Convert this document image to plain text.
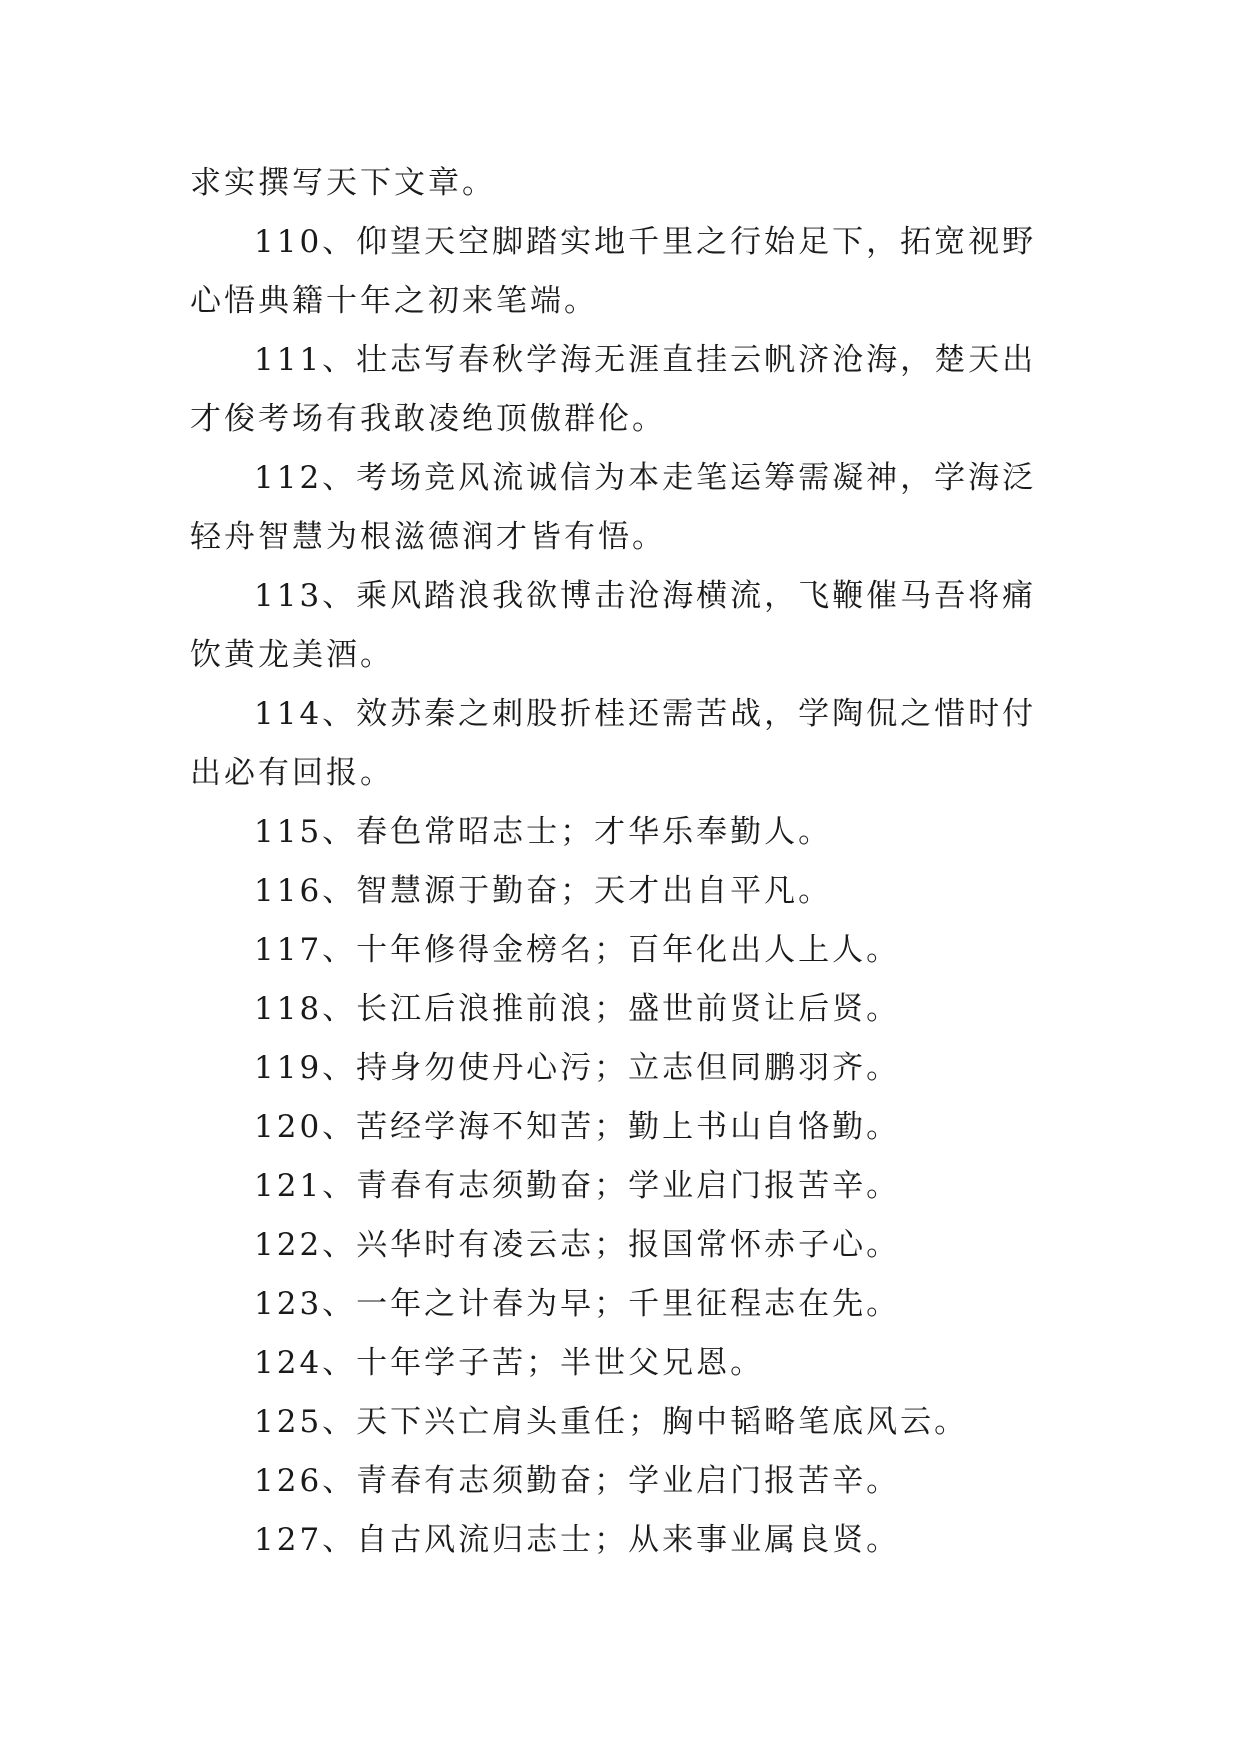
求实撰写天下文章。

110、仰望天空脚踏实地千里之行始足下，拓宽视野心悟典籍十年之初来笔端。

111、壮志写春秋学海无涯直挂云帆济沧海，楚天出才俊考场有我敢凌绝顶傲群伦。

112、考场竞风流诚信为本走笔运筹需凝神，学海泛轻舟智慧为根滋德润才皆有悟。

113、乘风踏浪我欲博击沧海横流，飞鞭催马吾将痛饮黄龙美酒。

114、效苏秦之刺股折桂还需苦战，学陶侃之惜时付出必有回报。

115、春色常昭志士；才华乐奉勤人。

116、智慧源于勤奋；天才出自平凡。

117、十年修得金榜名；百年化出人上人。

118、长江后浪推前浪；盛世前贤让后贤。

119、持身勿使丹心污；立志但同鹏羽齐。

120、苦经学海不知苦；勤上书山自恪勤。

121、青春有志须勤奋；学业启门报苦辛。

122、兴华时有凌云志；报国常怀赤子心。

123、一年之计春为早；千里征程志在先。

124、十年学子苦；半世父兄恩。

125、天下兴亡肩头重任；胸中韬略笔底风云。

126、青春有志须勤奋；学业启门报苦辛。

127、自古风流归志士；从来事业属良贤。
